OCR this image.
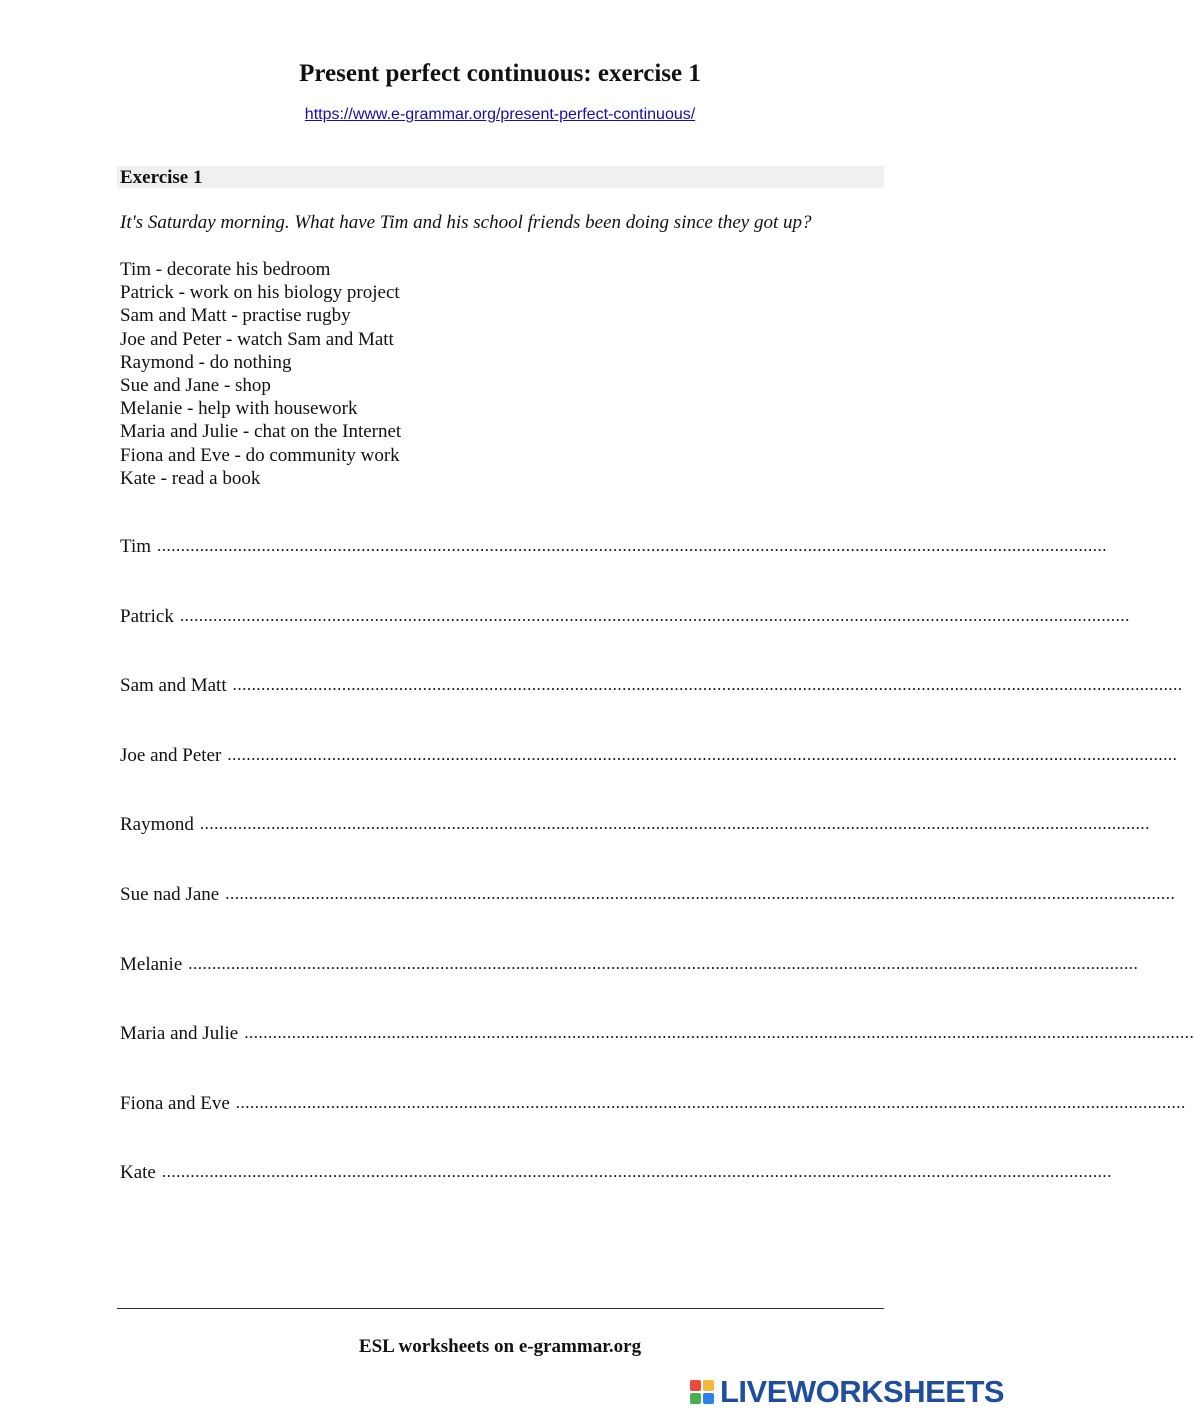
Present perfect continuous: exercise 1
https://www.e-grammar.org/present-perfect-continuous/
Exercise 1
It's Saturday morning. What have Tim and his school friends been doing since they got up?
Tim - decorate his bedroom
Patrick - work on his biology project
Sam and Matt - practise rugby
Joe and Peter - watch Sam and Matt
Raymond - do nothing
Sue and Jane - shop
Melanie - help with housework
Maria and Julie - chat on the Internet
Fiona and Eve - do community work
Kate - read a book
Tim ........................................................................................................................................................................................................
Patrick ........................................................................................................................................................................................................
Sam and Matt ........................................................................................................................................................................................................
Joe and Peter ........................................................................................................................................................................................................
Raymond ........................................................................................................................................................................................................
Sue nad Jane ........................................................................................................................................................................................................
Melanie ........................................................................................................................................................................................................
Maria and Julie ........................................................................................................................................................................................................
Fiona and Eve ........................................................................................................................................................................................................
Kate ........................................................................................................................................................................................................
ESL worksheets on e-grammar.org
LIVEWORKSHEETS
